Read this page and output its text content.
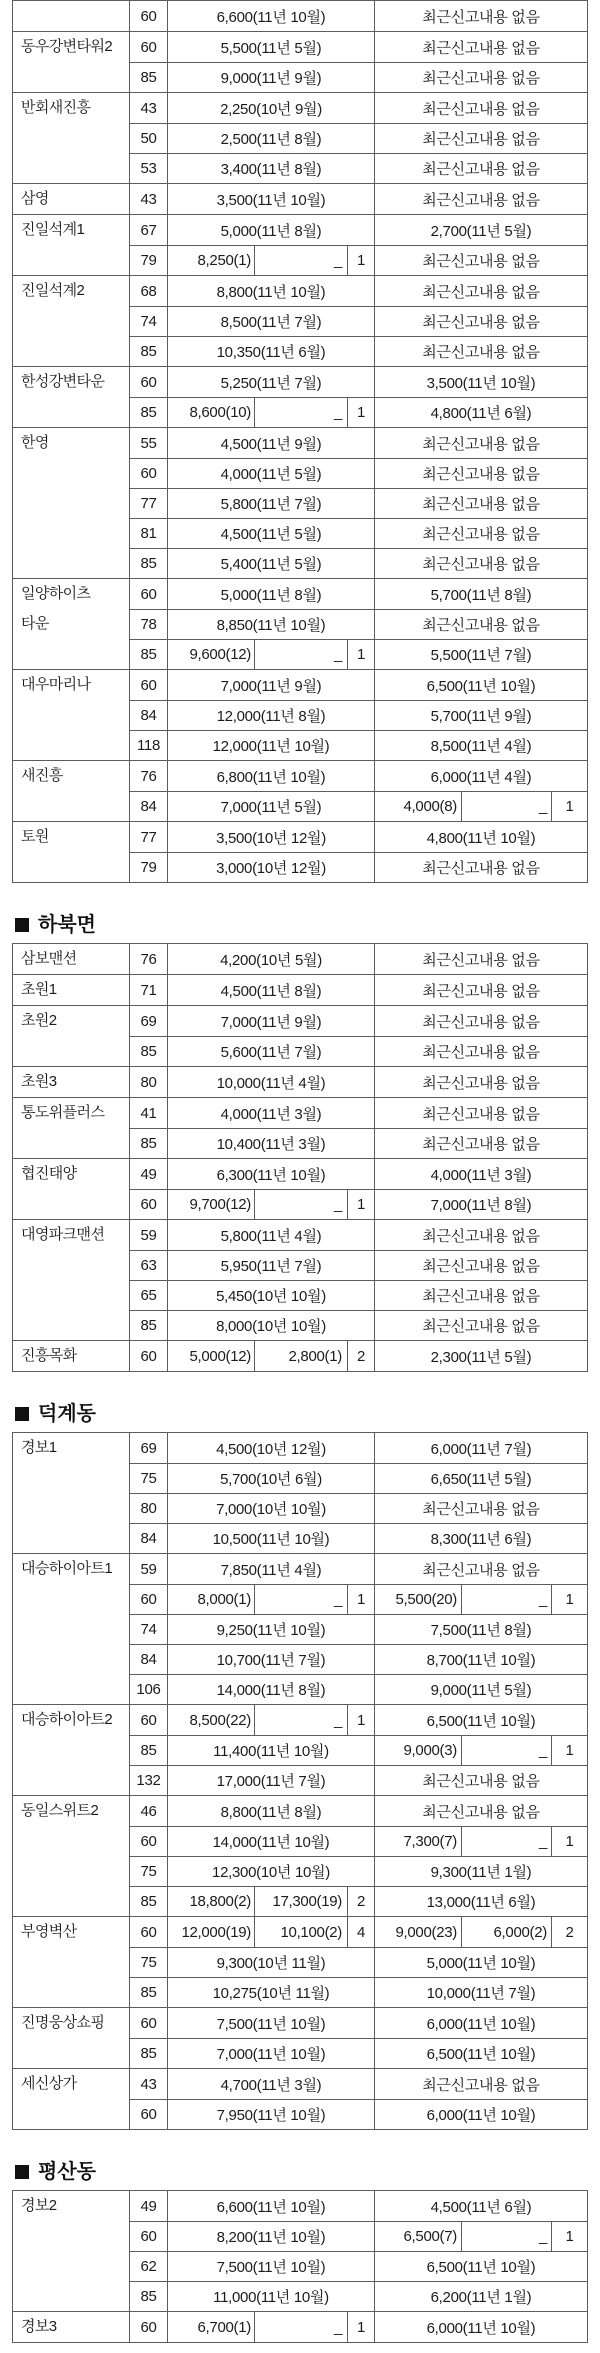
60	6,600(11년 10월)	최근신고내용 없음
동우강변타워2	60	5,500(11년 5월)	최근신고내용 없음
85	9,000(11년 9월)	최근신고내용 없음
반회새진흥	43	2,250(10년 9월)	최근신고내용 없음
50	2,500(11년 8월)	최근신고내용 없음
53	3,400(11년 8월)	최근신고내용 없음
삼영	43	3,500(11년 10월)	최근신고내용 없음
진일석계1	67	5,000(11년 8월)	2,700(11년 5월)
79	8,250(1)	_ 1	최근신고내용 없음
진일석계2	68	8,800(11년 10월)	최근신고내용 없음
74	8,500(11년 7월)	최근신고내용 없음
85	10,350(11년 6월)	최근신고내용 없음
한성강변타운	60	5,250(11년 7월)	3,500(11년 10월)
85	8,600(10)	_ 1	4,800(11년 6월)
한영	55	4,500(11년 9월)	최근신고내용 없음
60	4,000(11년 5월)	최근신고내용 없음
77	5,800(11년 7월)	최근신고내용 없음
81	4,500(11년 5월)	최근신고내용 없음
85	5,400(11년 5월)	최근신고내용 없음
일양하이츠
타운
60	5,000(11년 8월)	5,700(11년 8월)
78	8,850(11년 10월)	최근신고내용 없음
85	9,600(12)	_ 1	5,500(11년 7월)
대우마리나	60	7,000(11년 9월)	6,500(11년 10월)
84	12,000(11년 8월)	5,700(11년 9월)
118	12,000(11년 10월)	8,500(11년 4월)
새진흥	76	6,800(11년 10월)	6,000(11년 4월)
84	7,000(11년 5월)	4,000(8)	_	1
토원	77	3,500(10년 12월)	4,800(11년 10월)
79	3,000(10년 12월)	최근신고내용 없음
하북면
삼보맨션	76	4,200(10년 5월)	최근신고내용 없음
초원1	71	4,500(11년 8월)	최근신고내용 없음
초원2	69	7,000(11년 9월)	최근신고내용 없음
85	5,600(11년 7월)	최근신고내용 없음
초원3	80	10,000(11년 4월)	최근신고내용 없음
통도위플러스	41	4,000(11년 3월)	최근신고내용 없음
85	10,400(11년 3월)	최근신고내용 없음
협진태양	49	6,300(11년 10월)	4,000(11년 3월)
60	9,700(12)	_ 1	7,000(11년 8월)
대영파크맨션	59	5,800(11년 4월)	최근신고내용 없음
63	5,950(11년 7월)	최근신고내용 없음
65	5,450(10년 10월)	최근신고내용 없음
85	8,000(10년 10월)	최근신고내용 없음
진흥목화	60	5,000(12)	2,800(1) 2	2,300(11년 5월)
덕계동
경보1	69	4,500(10년 12월)	6,000(11년 7월)
75	5,700(10년 6월)	6,650(11년 5월)
80	7,000(10년 10월)	최근신고내용 없음
84	10,500(11년 10월)	8,300(11년 6월)
대승하이아트1	59	7,850(11년 4월)	최근신고내용 없음
60	8,000(1)	_ 1	5,500(20)	_	1
74	9,250(11년 10월)	7,500(11년 8월)
84	10,700(11년 7월)	8,700(11년 10월)
106	14,000(11년 8월)	9,000(11년 5월)
대승하이아트2	60	8,500(22)	_ 1	6,500(11년 10월)
85	11,400(11년 10월)	9,000(3)	_	1
132	17,000(11년 7월)	최근신고내용 없음
동일스위트2	46	8,800(11년 8월)	최근신고내용 없음
60	14,000(11년 10월)	7,300(7)	_	1
75	12,300(10년 10월)	9,300(11년 1월)
85	18,800(2)	17,300(19) 2	13,000(11년 6월)
부영벽산	60	12,000(19)	10,100(2) 4	9,000(23)	6,000(2)	2
75	9,300(10년 11월)	5,000(11년 10월)
85	10,275(10년 11월)	10,000(11년 7월)
진명웅상쇼핑	60	7,500(11년 10월)	6,000(11년 10월)
85	7,000(11년 10월)	6,500(11년 10월)
세신상가	43	4,700(11년 3월)	최근신고내용 없음
60	7,950(11년 10월)	6,000(11년 10월)
평산동
경보2	49	6,600(11년 10월)	4,500(11년 6월)
60	8,200(11년 10월)	6,500(7)	_	1
62	7,500(11년 10월)	6,500(11년 10월)
85	11,000(11년 10월)	6,200(11년 1월)
경보3	60	6,700(1)	_ 1	6,000(11년 10월)
